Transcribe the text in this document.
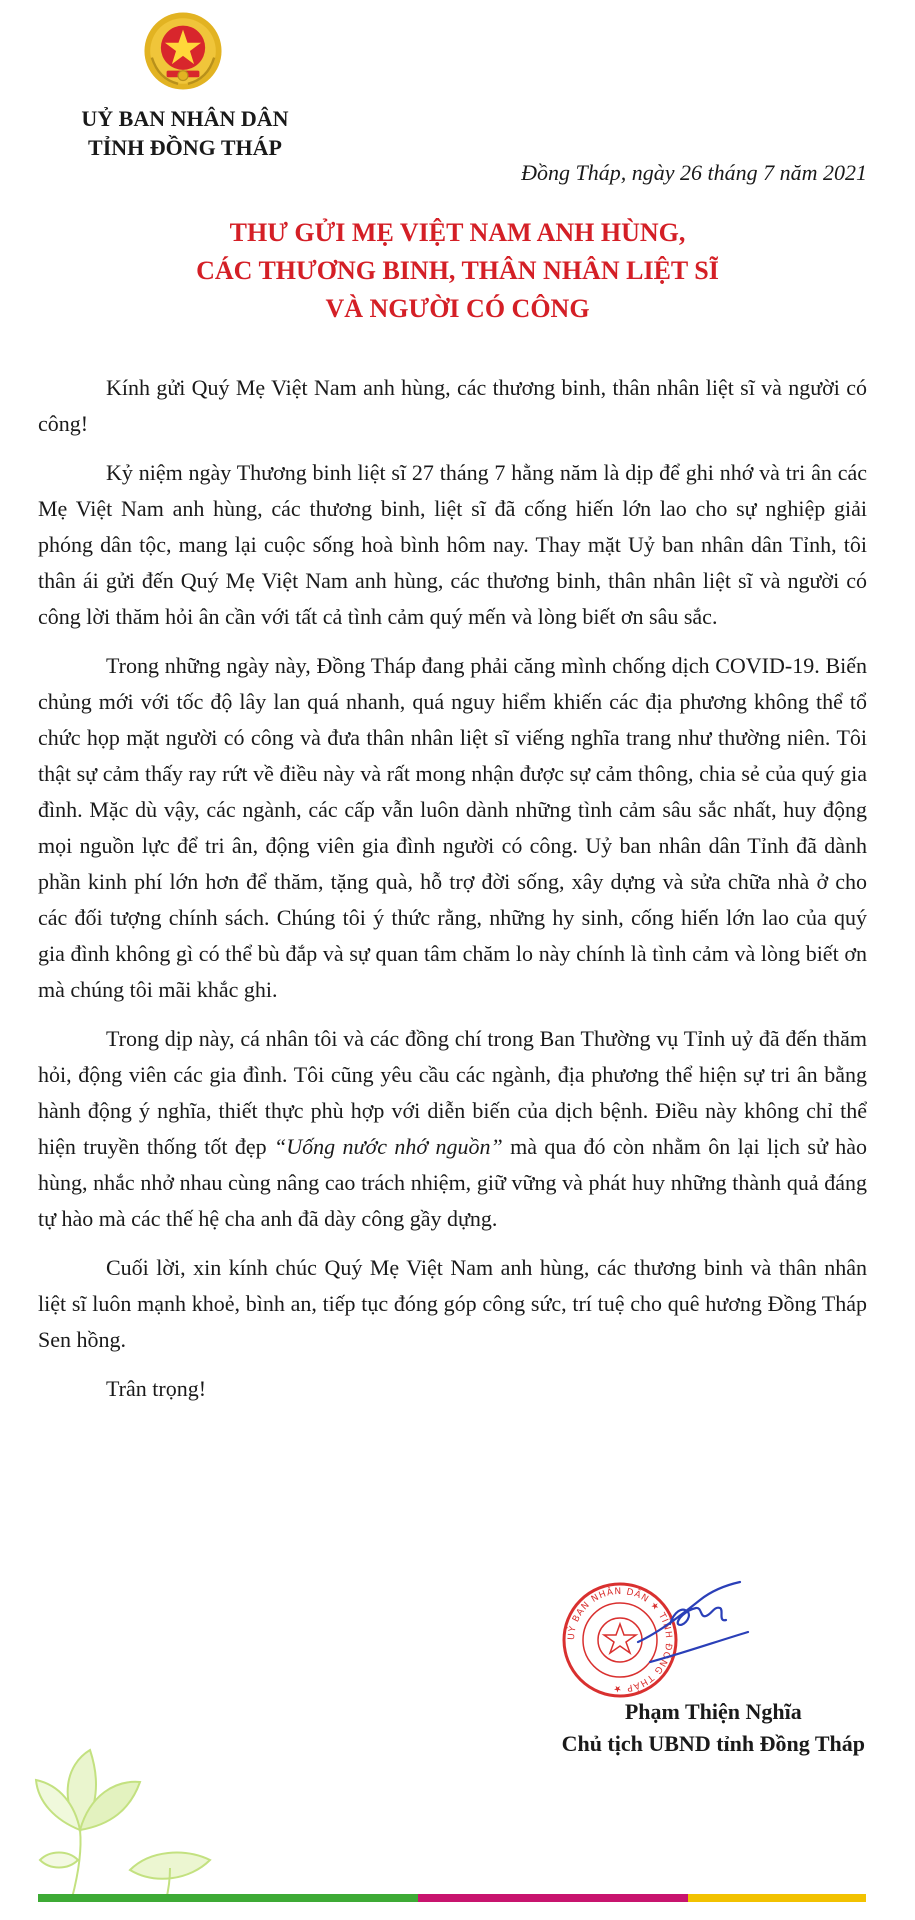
UỶ BAN NHÂN DÂN
TỈNH ĐỒNG THÁP
Đồng Tháp, ngày 26 tháng 7 năm 2021
THƯ GỬI MẸ VIỆT NAM ANH HÙNG,
CÁC THƯƠNG BINH, THÂN NHÂN LIỆT SĨ
VÀ NGƯỜI CÓ CÔNG

Kính gửi Quý Mẹ Việt Nam anh hùng, các thương binh, thân nhân liệt sĩ và người có công!

Kỷ niệm ngày Thương binh liệt sĩ 27 tháng 7 hằng năm là dịp để ghi nhớ và tri ân các Mẹ Việt Nam anh hùng, các thương binh, liệt sĩ đã cống hiến lớn lao cho sự nghiệp giải phóng dân tộc, mang lại cuộc sống hoà bình hôm nay. Thay mặt Uỷ ban nhân dân Tỉnh, tôi thân ái gửi đến Quý Mẹ Việt Nam anh hùng, các thương binh, thân nhân liệt sĩ và người có công lời thăm hỏi ân cần với tất cả tình cảm quý mến và lòng biết ơn sâu sắc.

Trong những ngày này, Đồng Tháp đang phải căng mình chống dịch COVID-19. Biến chủng mới với tốc độ lây lan quá nhanh, quá nguy hiểm khiến các địa phương không thể tổ chức họp mặt người có công và đưa thân nhân liệt sĩ viếng nghĩa trang như thường niên. Tôi thật sự cảm thấy ray rứt về điều này và rất mong nhận được sự cảm thông, chia sẻ của quý gia đình. Mặc dù vậy, các ngành, các cấp vẫn luôn dành những tình cảm sâu sắc nhất, huy động mọi nguồn lực để tri ân, động viên gia đình người có công. Uỷ ban nhân dân Tỉnh đã dành phần kinh phí lớn hơn để thăm, tặng quà, hỗ trợ đời sống, xây dựng và sửa chữa nhà ở cho các đối tượng chính sách. Chúng tôi ý thức rằng, những hy sinh, cống hiến lớn lao của quý gia đình không gì có thể bù đắp và sự quan tâm chăm lo này chính là tình cảm và lòng biết ơn mà chúng tôi mãi khắc ghi.

Trong dịp này, cá nhân tôi và các đồng chí trong Ban Thường vụ Tỉnh uỷ đã đến thăm hỏi, động viên các gia đình. Tôi cũng yêu cầu các ngành, địa phương thể hiện sự tri ân bằng hành động ý nghĩa, thiết thực phù hợp với diễn biến của dịch bệnh. Điều này không chỉ thể hiện truyền thống tốt đẹp “Uống nước nhớ nguồn” mà qua đó còn nhằm ôn lại lịch sử hào hùng, nhắc nhở nhau cùng nâng cao trách nhiệm, giữ vững và phát huy những thành quả đáng tự hào mà các thế hệ cha anh đã dày công gầy dựng.

Cuối lời, xin kính chúc Quý Mẹ Việt Nam anh hùng, các thương binh và thân nhân liệt sĩ luôn mạnh khoẻ, bình an, tiếp tục đóng góp công sức, trí tuệ cho quê hương Đồng Tháp Sen hồng.

Trân trọng!

UỶ BAN NHÂN DÂN ★ TỈNH ĐỒNG THÁP ★
Phạm Thiện Nghĩa
Chủ tịch UBND tỉnh Đồng Tháp
